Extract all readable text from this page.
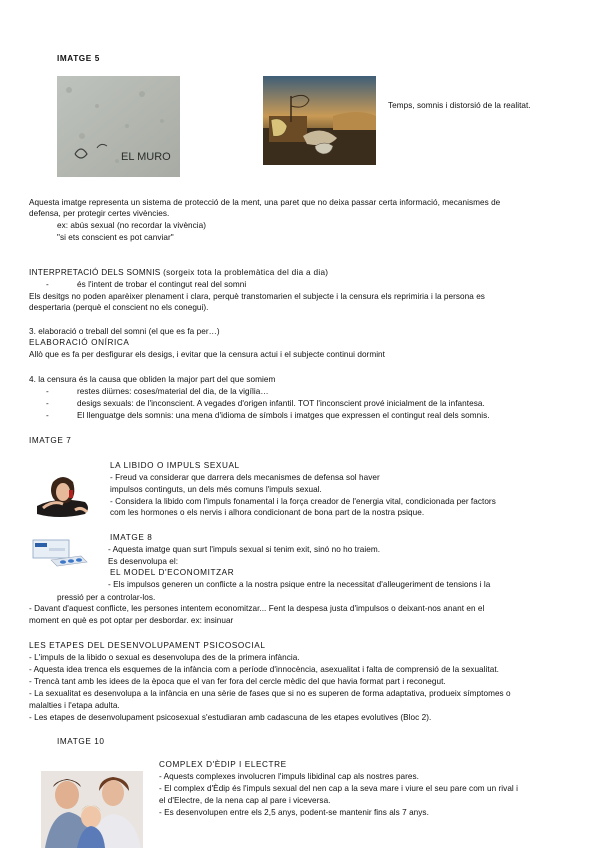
IMATGE 5
EL MURO
Temps, somnis i distorsió de la realitat.
Aquesta imatge representa un sistema de protecció de la ment, una paret que no deixa passar certa informació, mecanismes de
defensa, per protegir certes vivències.
ex: abús sexual (no recordar la vivència)
"si ets conscient es pot canviar"
INTERPRETACIÓ DELS SOMNIS (sorgeix tota la problemàtica del dia a dia)
-	és l'intent de trobar el contingut real del somni
Els desitgs no poden aparèixer plenament i clara, perquè transtomarien el subjecte i la censura els reprimiria i la persona es
despertaria (perquè el conscient no els conegui).
3. elaboració o treball del somni (el que es fa per…)
ELABORACIÓ ONÍRICA
Allò que es fa per desfigurar els desigs, i evitar que la censura actui i el subjecte continui dormint
4. la censura és la causa que obliden la major part del que somiem
-	restes diürnes: coses/material del dia, de la vigília…
-	desigs sexuals: de l'inconscient. A vegades d'origen infantil. TOT l'inconscient prové inicialment de la infantesa.
-	El llenguatge dels somnis: una mena d'idioma de símbols i imatges que expressen el contingut real dels somnis.
IMATGE 7
LA LIBIDO O IMPULS SEXUAL
- Freud va considerar que darrera dels mecanismes de defensa sol haver
impulsos continguts, un dels més comuns l'impuls sexual.
- Considera la libido com l'impuls fonamental i la força creador de l'energia vital, condicionada per factors
com les hormones o els nervis i alhora condicionant de bona part de la nostra psique.
IMATGE 8
- Aquesta imatge quan surt l'impuls sexual si tenim exit, sinó no ho traiem.
Es desenvolupa el:
EL MODEL D'ECONOMITZAR
- Els impulsos generen un conflicte a la nostra psique entre la necessitat d'alleugeriment de tensions i la
pressió per a controlar-los.
- Davant d'aquest conflicte, les persones intentem economitzar... Fent la despesa justa d'impulsos o deixant-nos anant en el
moment en què es pot optar per desbordar. ex: insinuar
LES ETAPES DEL DESENVOLUPAMENT PSICOSOCIAL
- L'impuls de la libido o sexual es desenvolupa des de la primera infància.
- Aquesta idea trenca els esquemes de la infància com a període d'innocència, asexualitat i falta de comprensió de la sexualitat.
- Trencà tant amb les idees de la època que el van fer fora del cercle mèdic del que havia format part i reconegut.
- La sexualitat es desenvolupa a la infància en una sèrie de fases que si no es superen de forma adaptativa, produeix símptomes o
malalties i l'etapa adulta.
- Les etapes de desenvolupament psicosexual s'estudiaran amb cadascuna de les etapes evolutives (Bloc 2).
IMATGE 10
COMPLEX D'ÈDIP I ELECTRE
- Aquests complexes involucren l'impuls libidinal cap als nostres pares.
- El complex d'Èdip és l'impuls sexual del nen cap a la seva mare i viure el seu pare com un rival i
el d'Electre, de la nena cap al pare i viceversa.
- Es desenvolupen entre els 2,5 anys, podent-se mantenir fins als 7 anys.
